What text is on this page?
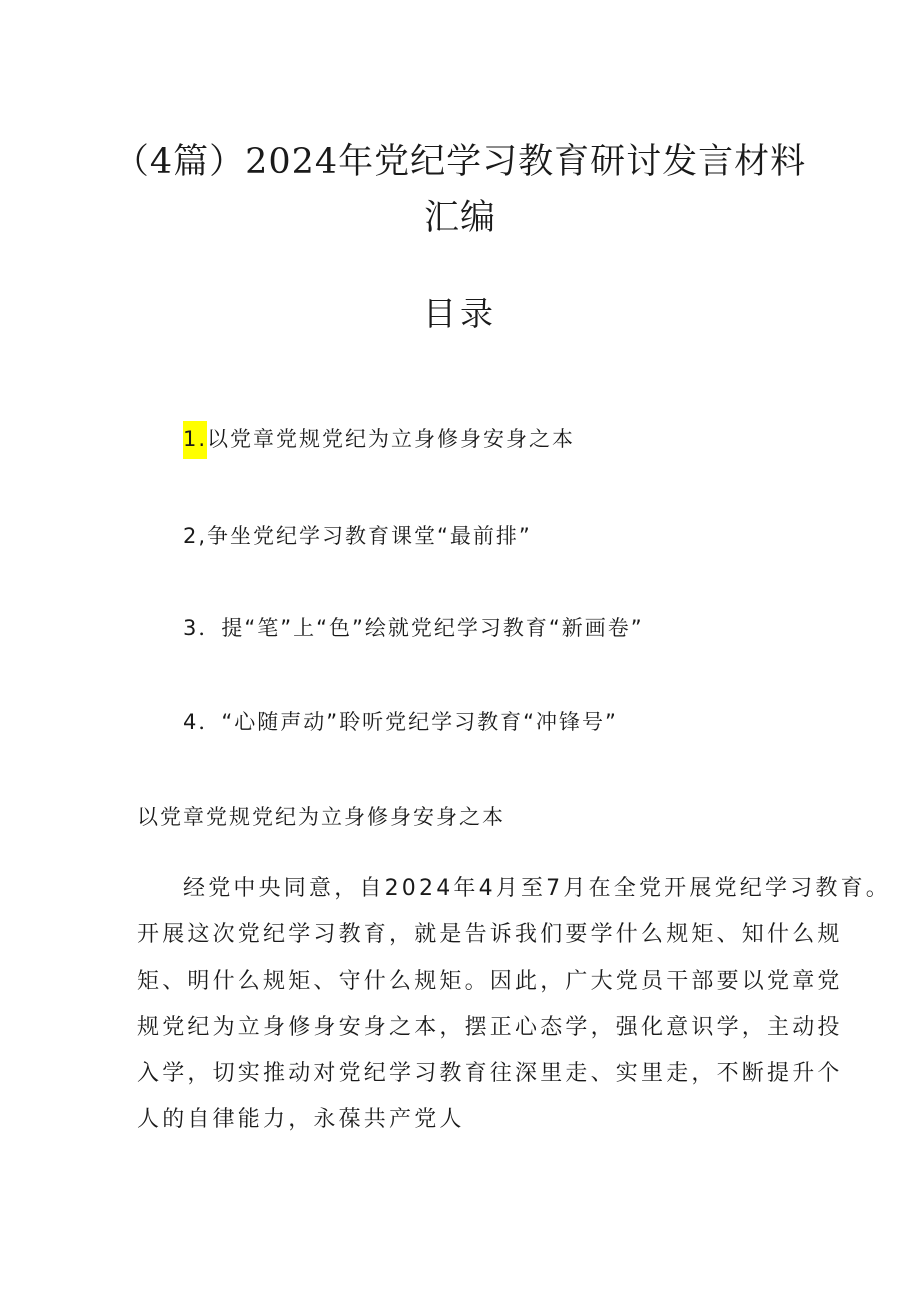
（4篇）2024年党纪学习教育研讨发言材料
汇编
目录
1.以党章党规党纪为立身修身安身之本
2,争坐党纪学习教育课堂“最前排”
3．提“笔”上“色”绘就党纪学习教育“新画卷”
4．“心随声动”聆听党纪学习教育“冲锋号”
以党章党规党纪为立身修身安身之本
经党中央同意，自2024年4月至7月在全党开展党纪学习教育。
开展这次党纪学习教育，就是告诉我们要学什么规矩、知什么规
矩、明什么规矩、守什么规矩。因此，广大党员干部要以党章党
规党纪为立身修身安身之本，摆正心态学，强化意识学，主动投
入学，切实推动对党纪学习教育往深里走、实里走，不断提升个
人的自律能力，永葆共产党人
